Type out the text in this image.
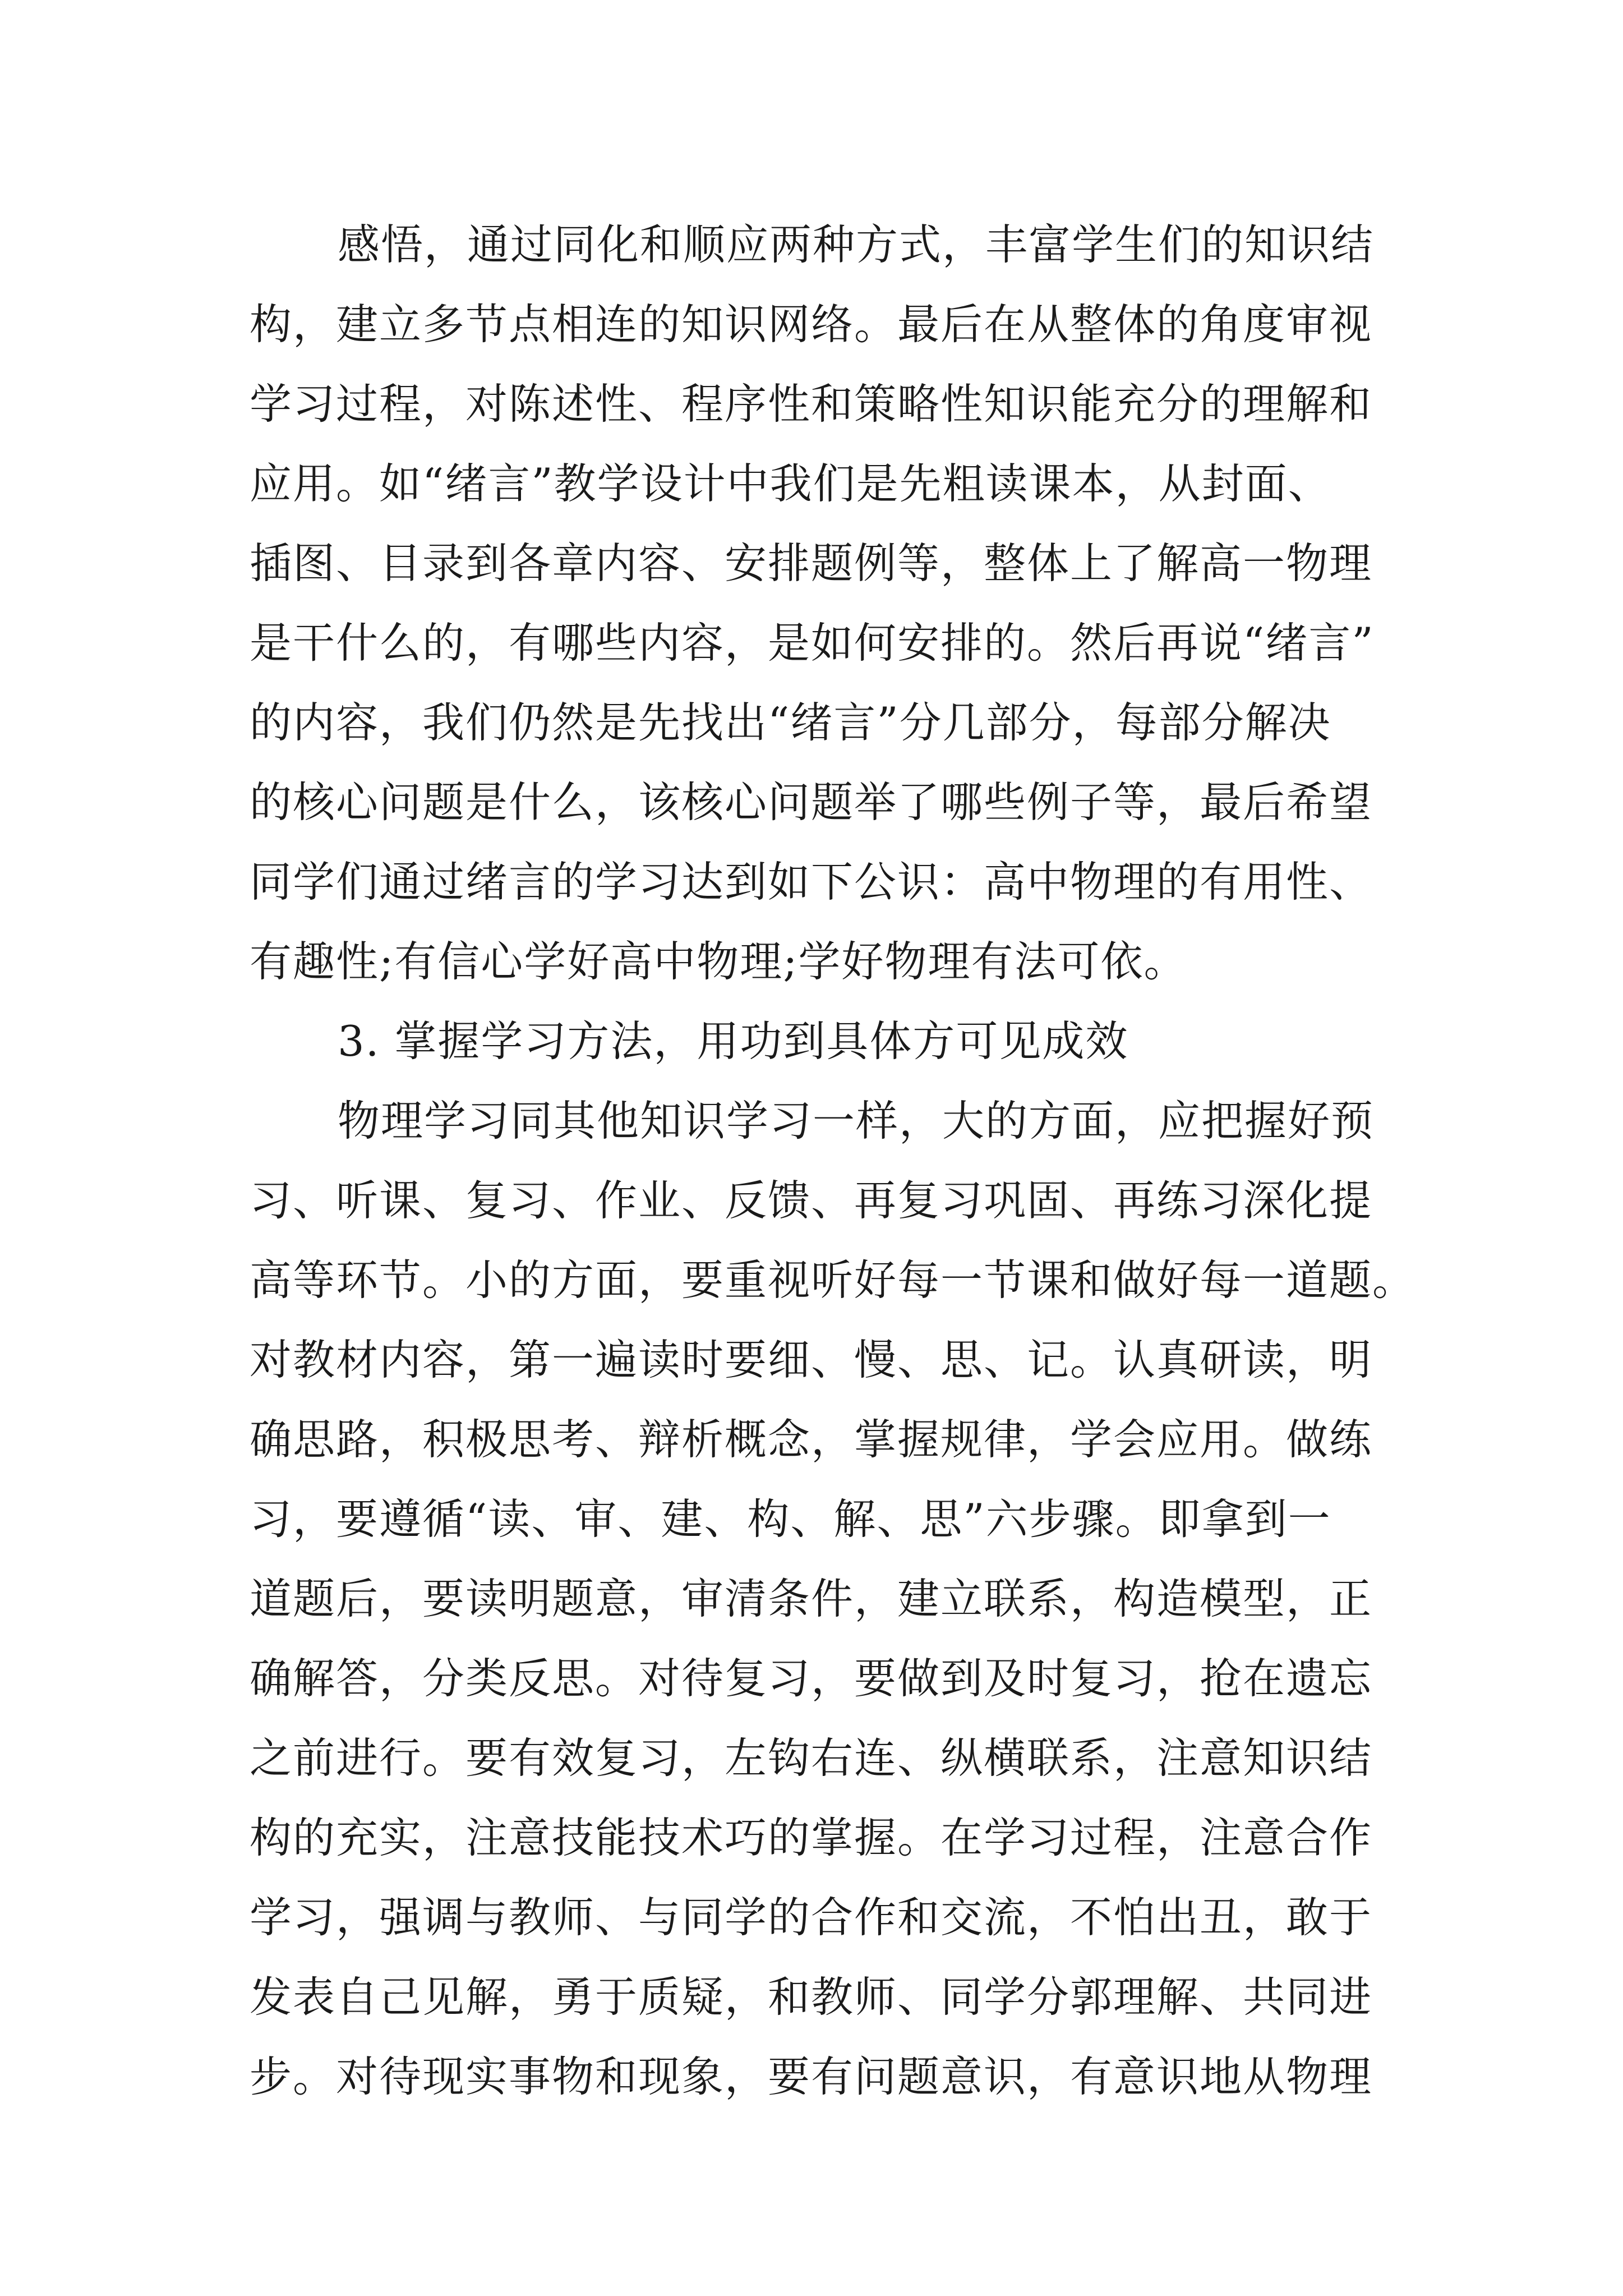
感悟，通过同化和顺应两种方式，丰富学生们的知识结
构，建立多节点相连的知识网络。最后在从整体的角度审视
学习过程，对陈述性、程序性和策略性知识能充分的理解和
应用。如“绪言”教学设计中我们是先粗读课本，从封面、
插图、目录到各章内容、安排题例等，整体上了解高一物理
是干什么的，有哪些内容，是如何安排的。然后再说“绪言”
的内容，我们仍然是先找出“绪言”分几部分，每部分解决
的核心问题是什么，该核心问题举了哪些例子等，最后希望
同学们通过绪言的学习达到如下公识：高中物理的有用性、
有趣性;有信心学好高中物理;学好物理有法可依。
3. 掌握学习方法，用功到具体方可见成效
物理学习同其他知识学习一样，大的方面，应把握好预
习、听课、复习、作业、反馈、再复习巩固、再练习深化提
高等环节。小的方面，要重视听好每一节课和做好每一道题。
对教材内容，第一遍读时要细、慢、思、记。认真研读，明
确思路，积极思考、辩析概念，掌握规律，学会应用。做练
习，要遵循“读、审、建、构、解、思”六步骤。即拿到一
道题后，要读明题意，审清条件，建立联系，构造模型，正
确解答，分类反思。对待复习，要做到及时复习，抢在遗忘
之前进行。要有效复习，左钩右连、纵横联系，注意知识结
构的充实，注意技能技术巧的掌握。在学习过程，注意合作
学习，强调与教师、与同学的合作和交流，不怕出丑，敢于
发表自己见解，勇于质疑，和教师、同学分郭理解、共同进
步。对待现实事物和现象，要有问题意识，有意识地从物理
